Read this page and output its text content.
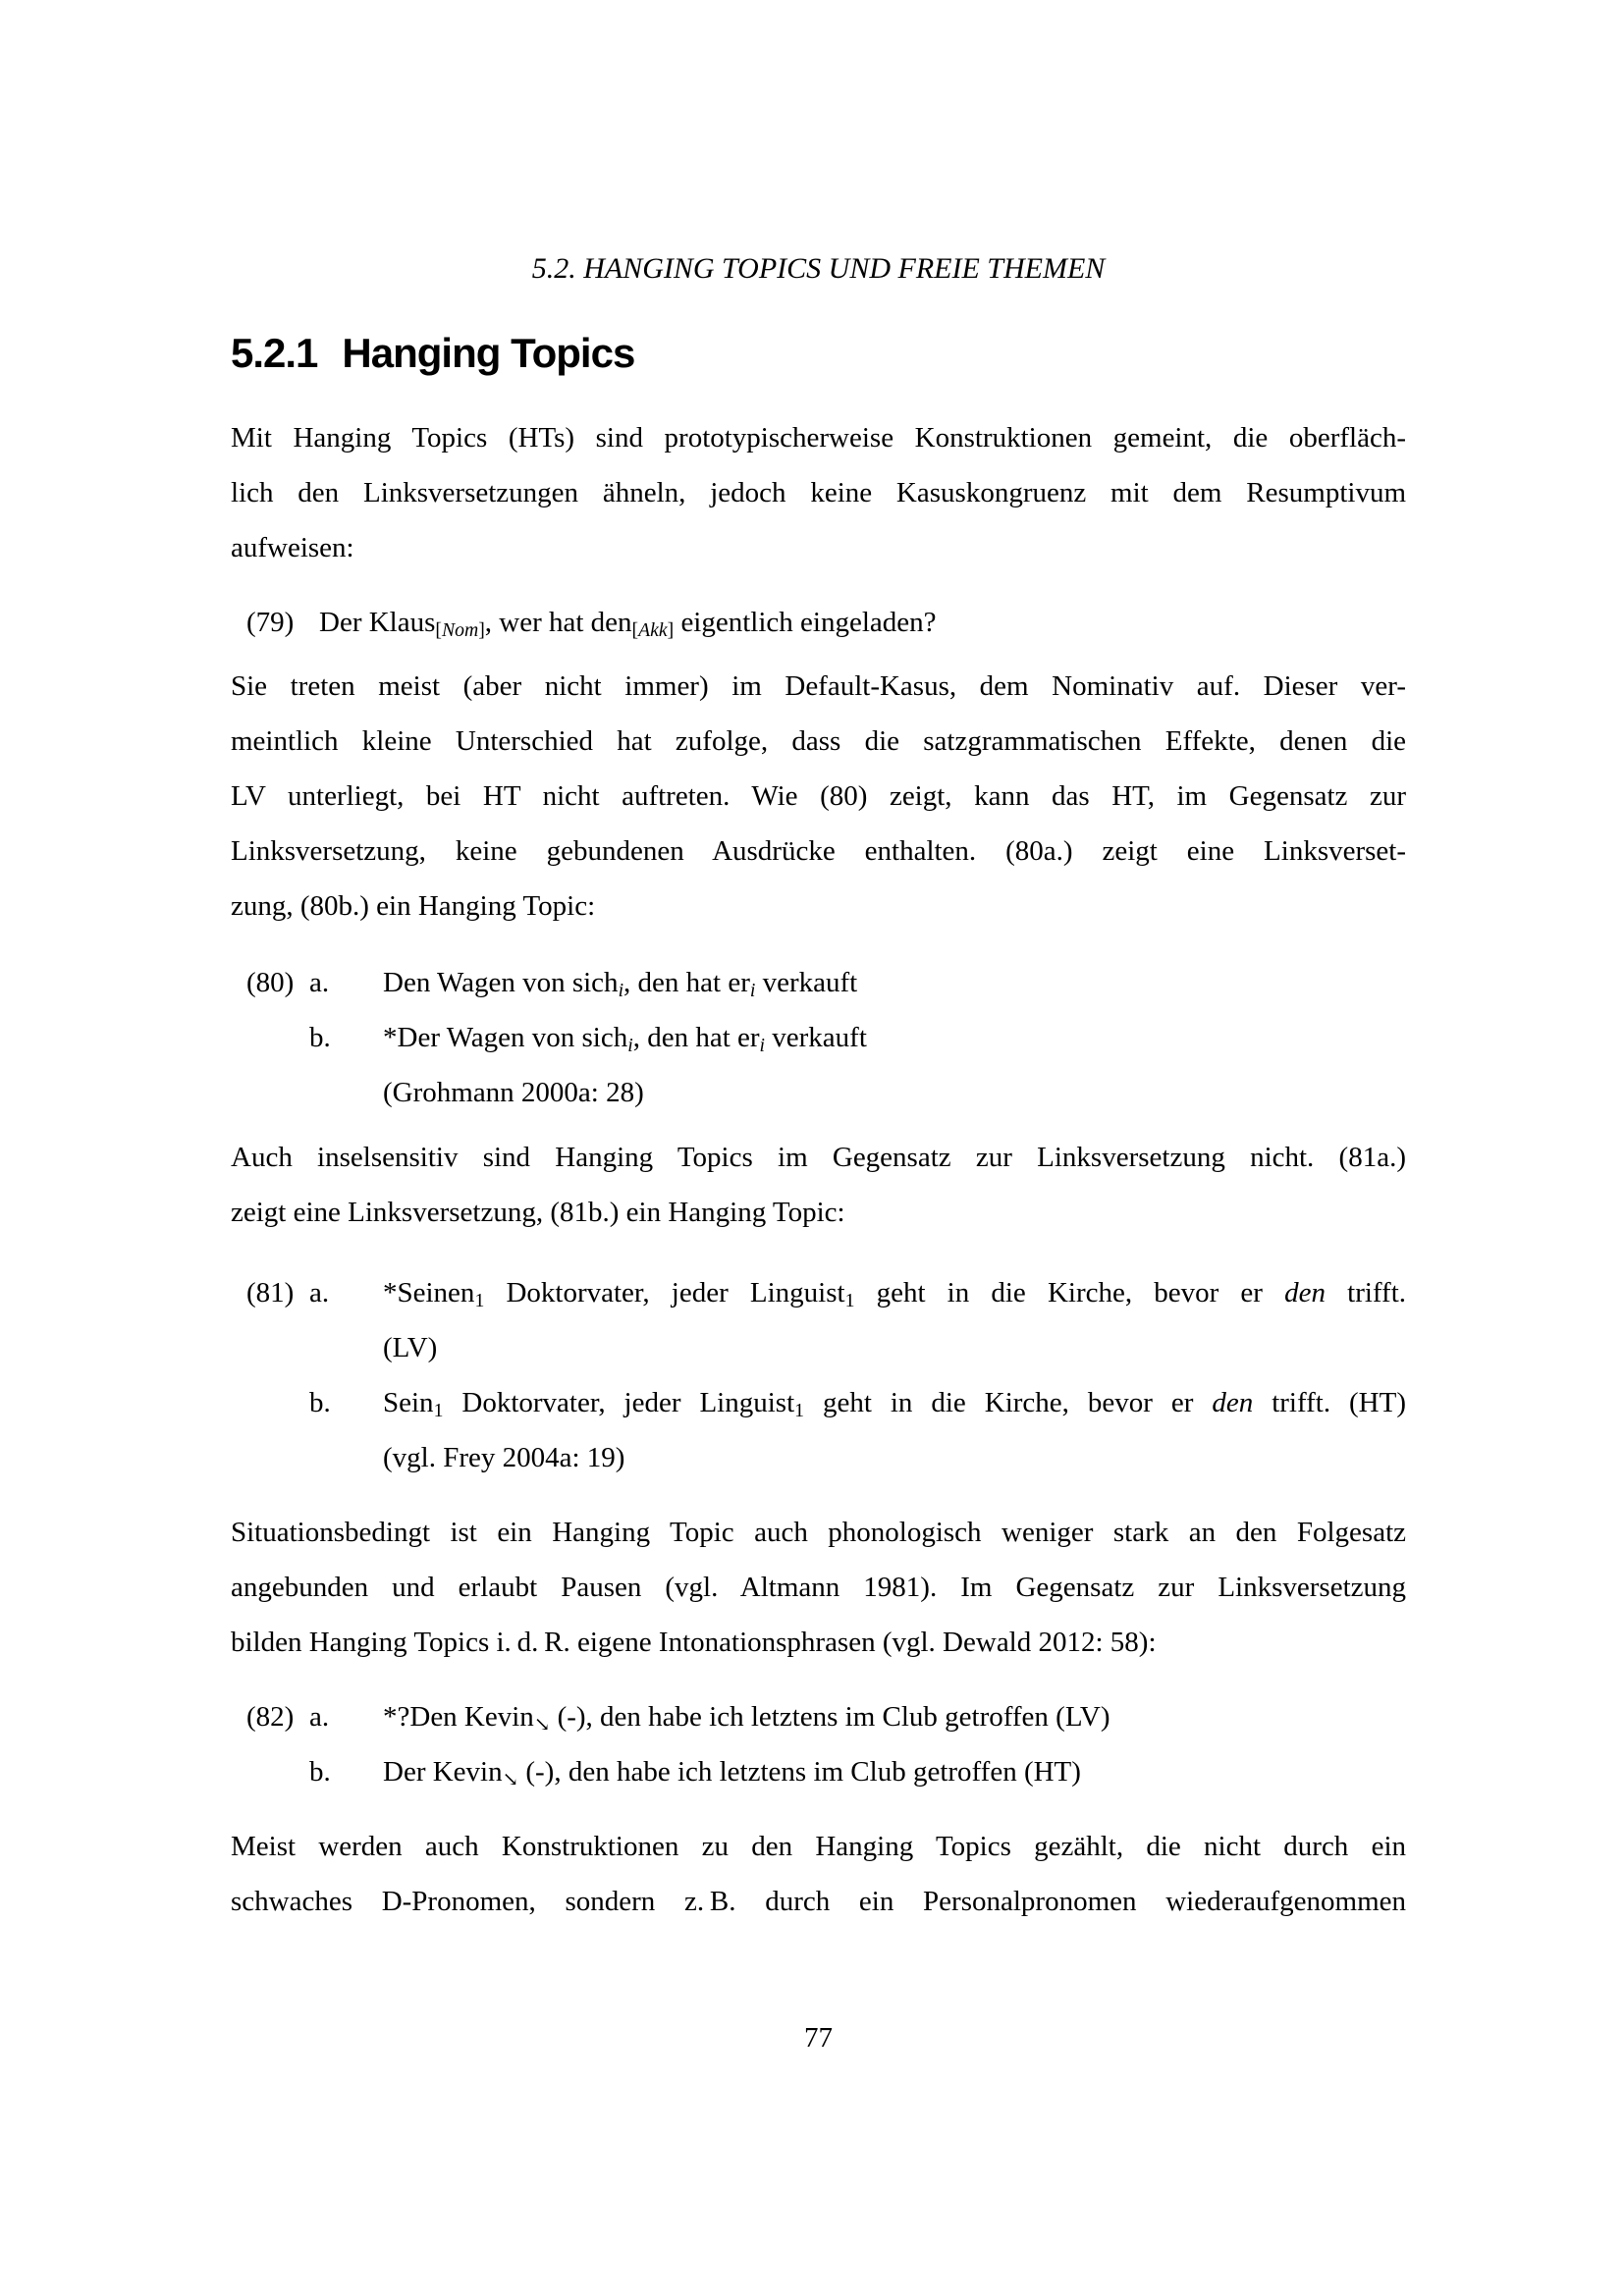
5.2. HANGING TOPICS UND FREIE THEMEN
5.2.1 Hanging Topics
Mit Hanging Topics (HTs) sind prototypischerweise Konstruktionen gemeint, die oberfläch-
lich den Linksversetzungen ähneln, jedoch keine Kasuskongruenz mit dem Resumptivum
aufweisen:
(79) Der Klaus$_{[Nom]}$, wer hat den$_{[Akk]}$ eigentlich eingeladen?
Sie treten meist (aber nicht immer) im Default-Kasus, dem Nominativ auf. Dieser ver-
meintlich kleine Unterschied hat zufolge, dass die satzgrammatischen Effekte, denen die
LV unterliegt, bei HT nicht auftreten. Wie (80) zeigt, kann das HT, im Gegensatz zur
Linksversetzung, keine gebundenen Ausdrücke enthalten. (80a.) zeigt eine Linksverset-
zung, (80b.) ein Hanging Topic:
(80) a. Den Wagen von sich$_i$, den hat $er_i$ verkauft
b. *Der Wagen von sich$_i$, den hat $er_i$ verkauft
(Grohmann 2000a: 28)
Auch inselsensitiv sind Hanging Topics im Gegensatz zur Linksversetzung nicht. (81a.)
zeigt eine Linksversetzung, (81b.) ein Hanging Topic:
(81) a. *Seinen$_1$ Doktorvater, jeder Linguist$_1$ geht in die Kirche, bevor er den trifft.
(LV)
b. Sein$_1$ Doktorvater, jeder Linguist$_1$ geht in die Kirche, bevor er den trifft. (HT)
(vgl. Frey 2004a: 19)
Situationsbedingt ist ein Hanging Topic auch phonologisch weniger stark an den Folgesatz
angebunden und erlaubt Pausen (vgl. Altmann 1981). Im Gegensatz zur Linksversetzung
bilden Hanging Topics i. d. R. eigene Intonationsphrasen (vgl. Dewald 2012: 58):
(82) a. *?Den Kevin$_↘$ (-), den habe ich letztens im Club getroffen (LV)
b. Der Kevin$_↘$ (-), den habe ich letztens im Club getroffen (HT)
Meist werden auch Konstruktionen zu den Hanging Topics gezählt, die nicht durch ein
schwaches D-Pronomen, sondern z. B. durch ein Personalpronomen wiederaufgenommen
77
